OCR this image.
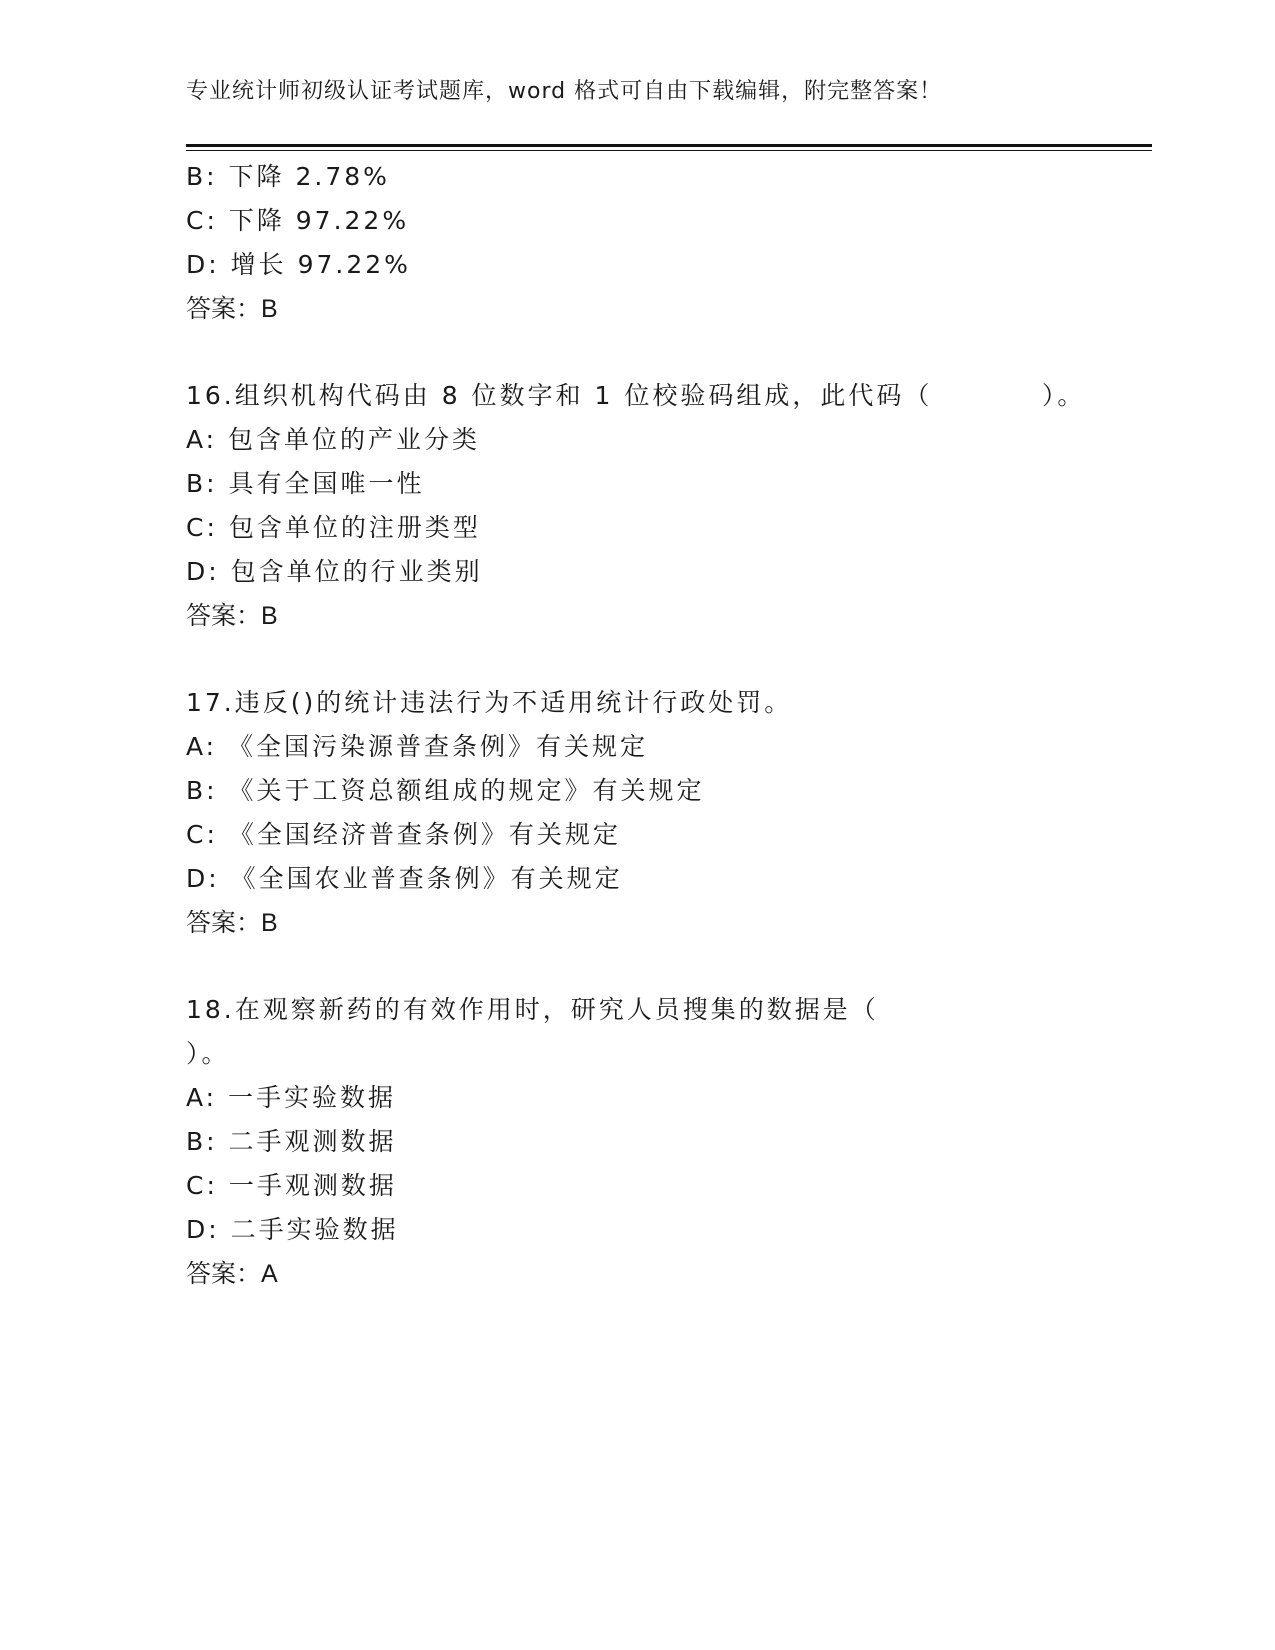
专业统计师初级认证考试题库，word 格式可自由下载编辑，附完整答案！
B: 下降 2.78%
C: 下降 97.22%
D: 增长 97.22%
答案：B
16.组织机构代码由 8 位数字和 1 位校验码组成，此代码（          ）。
A: 包含单位的产业分类
B: 具有全国唯一性
C: 包含单位的注册类型
D: 包含单位的行业类别
答案：B
17.违反()的统计违法行为不适用统计行政处罚。
A: 《全国污染源普查条例》有关规定
B: 《关于工资总额组成的规定》有关规定
C: 《全国经济普查条例》有关规定
D: 《全国农业普查条例》有关规定
答案：B
18.在观察新药的有效作用时，研究人员搜集的数据是（
）。
A: 一手实验数据
B: 二手观测数据
C: 一手观测数据
D: 二手实验数据
答案：A
